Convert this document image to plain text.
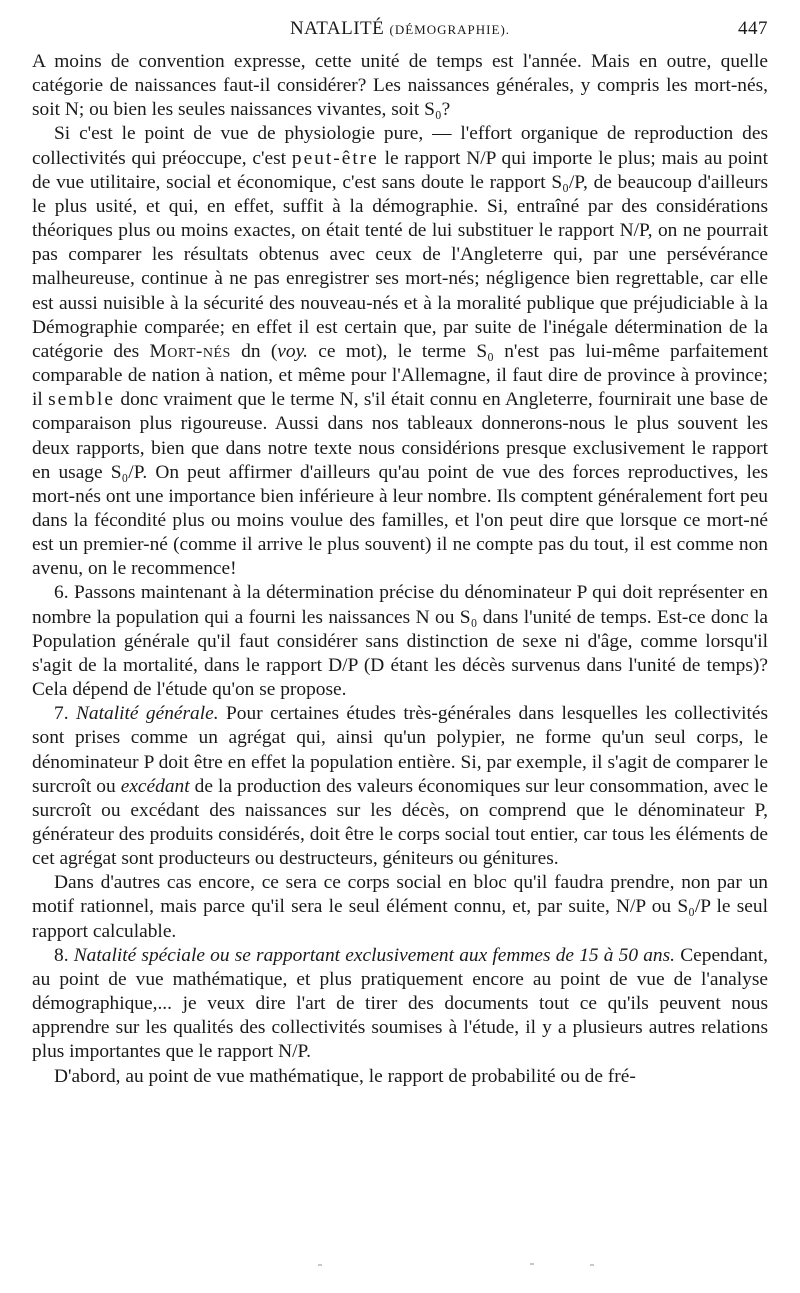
NATALITÉ (DÉMOGRAPHIE).	447

A moins de convention expresse, cette unité de temps est l'année. Mais en outre, quelle catégorie de naissances faut-il considérer? Les naissances générales, y compris les mort-nés, soit N; ou bien les seules naissances vivantes, soit S₀?

Si c'est le point de vue de physiologie pure, — l'effort organique de reproduction des collectivités qui préoccupe, c'est peut-être le rapport N/P qui importe le plus; mais au point de vue utilitaire, social et économique, c'est sans doute le rapport S₀/P, de beaucoup d'ailleurs le plus usité, et qui, en effet, suffit à la démographie. Si, entraîné par des considérations théoriques plus ou moins exactes, on était tenté de lui substituer le rapport N/P, on ne pourrait pas comparer les résultats obtenus avec ceux de l'Angleterre qui, par une persévérance malheureuse, continue à ne pas enregistrer ses mort-nés; négligence bien regrettable, car elle est aussi nuisible à la sécurité des nouveau-nés et à la moralité publique que préjudiciable à la Démographie comparée; en effet il est certain que, par suite de l'inégale détermination de la catégorie des Mort-nés dn (voy. ce mot), le terme S₀ n'est pas lui-même parfaitement comparable de nation à nation, et même pour l'Allemagne, il faut dire de province à province; il semble donc vraiment que le terme N, s'il était connu en Angleterre, fournirait une base de comparaison plus rigoureuse. Aussi dans nos tableaux donnerons-nous le plus souvent les deux rapports, bien que dans notre texte nous considérions presque exclusivement le rapport en usage S₀/P. On peut affirmer d'ailleurs qu'au point de vue des forces reproductives, les mort-nés ont une importance bien inférieure à leur nombre. Ils comptent généralement fort peu dans la fécondité plus ou moins voulue des familles, et l'on peut dire que lorsque ce mort-né est un premier-né (comme il arrive le plus souvent) il ne compte pas du tout, il est comme non avenu, on le recommence!

6. Passons maintenant à la détermination précise du dénominateur P qui doit représenter en nombre la population qui a fourni les naissances N ou S₀ dans l'unité de temps. Est-ce donc la Population générale qu'il faut considérer sans distinction de sexe ni d'âge, comme lorsqu'il s'agit de la mortalité, dans le rapport D/P (D étant les décès survenus dans l'unité de temps)? Cela dépend de l'étude qu'on se propose.

7. Natalité générale. Pour certaines études très-générales dans lesquelles les collectivités sont prises comme un agrégat qui, ainsi qu'un polypier, ne forme qu'un seul corps, le dénominateur P doit être en effet la population entière. Si, par exemple, il s'agit de comparer le surcroît ou excédant de la production des valeurs économiques sur leur consommation, avec le surcroît ou excédant des naissances sur les décès, on comprend que le dénominateur P, générateur des produits considérés, doit être le corps social tout entier, car tous les éléments de cet agrégat sont producteurs ou destructeurs, géniteurs ou génitures.

Dans d'autres cas encore, ce sera ce corps social en bloc qu'il faudra prendre, non par un motif rationnel, mais parce qu'il sera le seul élément connu, et, par suite, N/P ou S₀/P le seul rapport calculable.

8. Natalité spéciale ou se rapportant exclusivement aux femmes de 15 à 50 ans. Cependant, au point de vue mathématique, et plus pratiquement encore au point de vue de l'analyse démographique,... je veux dire l'art de tirer des documents tout ce qu'ils peuvent nous apprendre sur les qualités des collectivités soumises à l'étude, il y a plusieurs autres relations plus importantes que le rapport N/P.

D'abord, au point de vue mathématique, le rapport de probabilité ou de fré-
